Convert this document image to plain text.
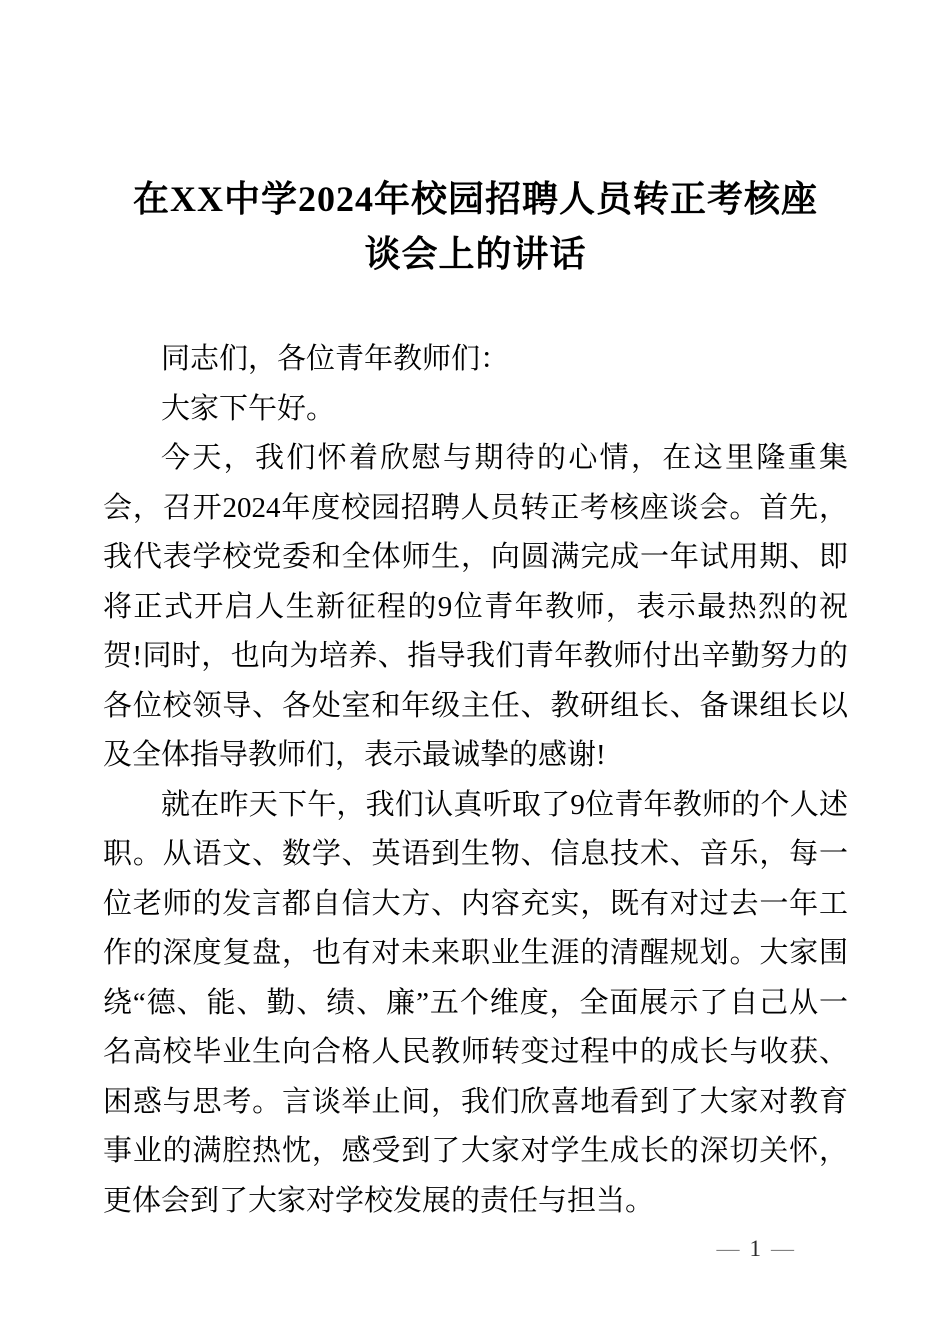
在XX中学2024年校园招聘人员转正考核座
谈会上的讲话

同志们，各位青年教师们：

大家下午好。

今天，我们怀着欣慰与期待的心情，在这里隆重集会，召开2024年度校园招聘人员转正考核座谈会。首先，我代表学校党委和全体师生，向圆满完成一年试用期、即将正式开启人生新征程的9位青年教师，表示最热烈的祝贺!同时，也向为培养、指导我们青年教师付出辛勤努力的各位校领导、各处室和年级主任、教研组长、备课组长以及全体指导教师们，表示最诚挚的感谢!

就在昨天下午，我们认真听取了9位青年教师的个人述职。从语文、数学、英语到生物、信息技术、音乐，每一位老师的发言都自信大方、内容充实，既有对过去一年工作的深度复盘，也有对未来职业生涯的清醒规划。大家围绕“德、能、勤、绩、廉”五个维度，全面展示了自己从一名高校毕业生向合格人民教师转变过程中的成长与收获、困惑与思考。言谈举止间，我们欣喜地看到了大家对教育事业的满腔热忱，感受到了大家对学生成长的深切关怀，更体会到了大家对学校发展的责任与担当。

— 1 —
